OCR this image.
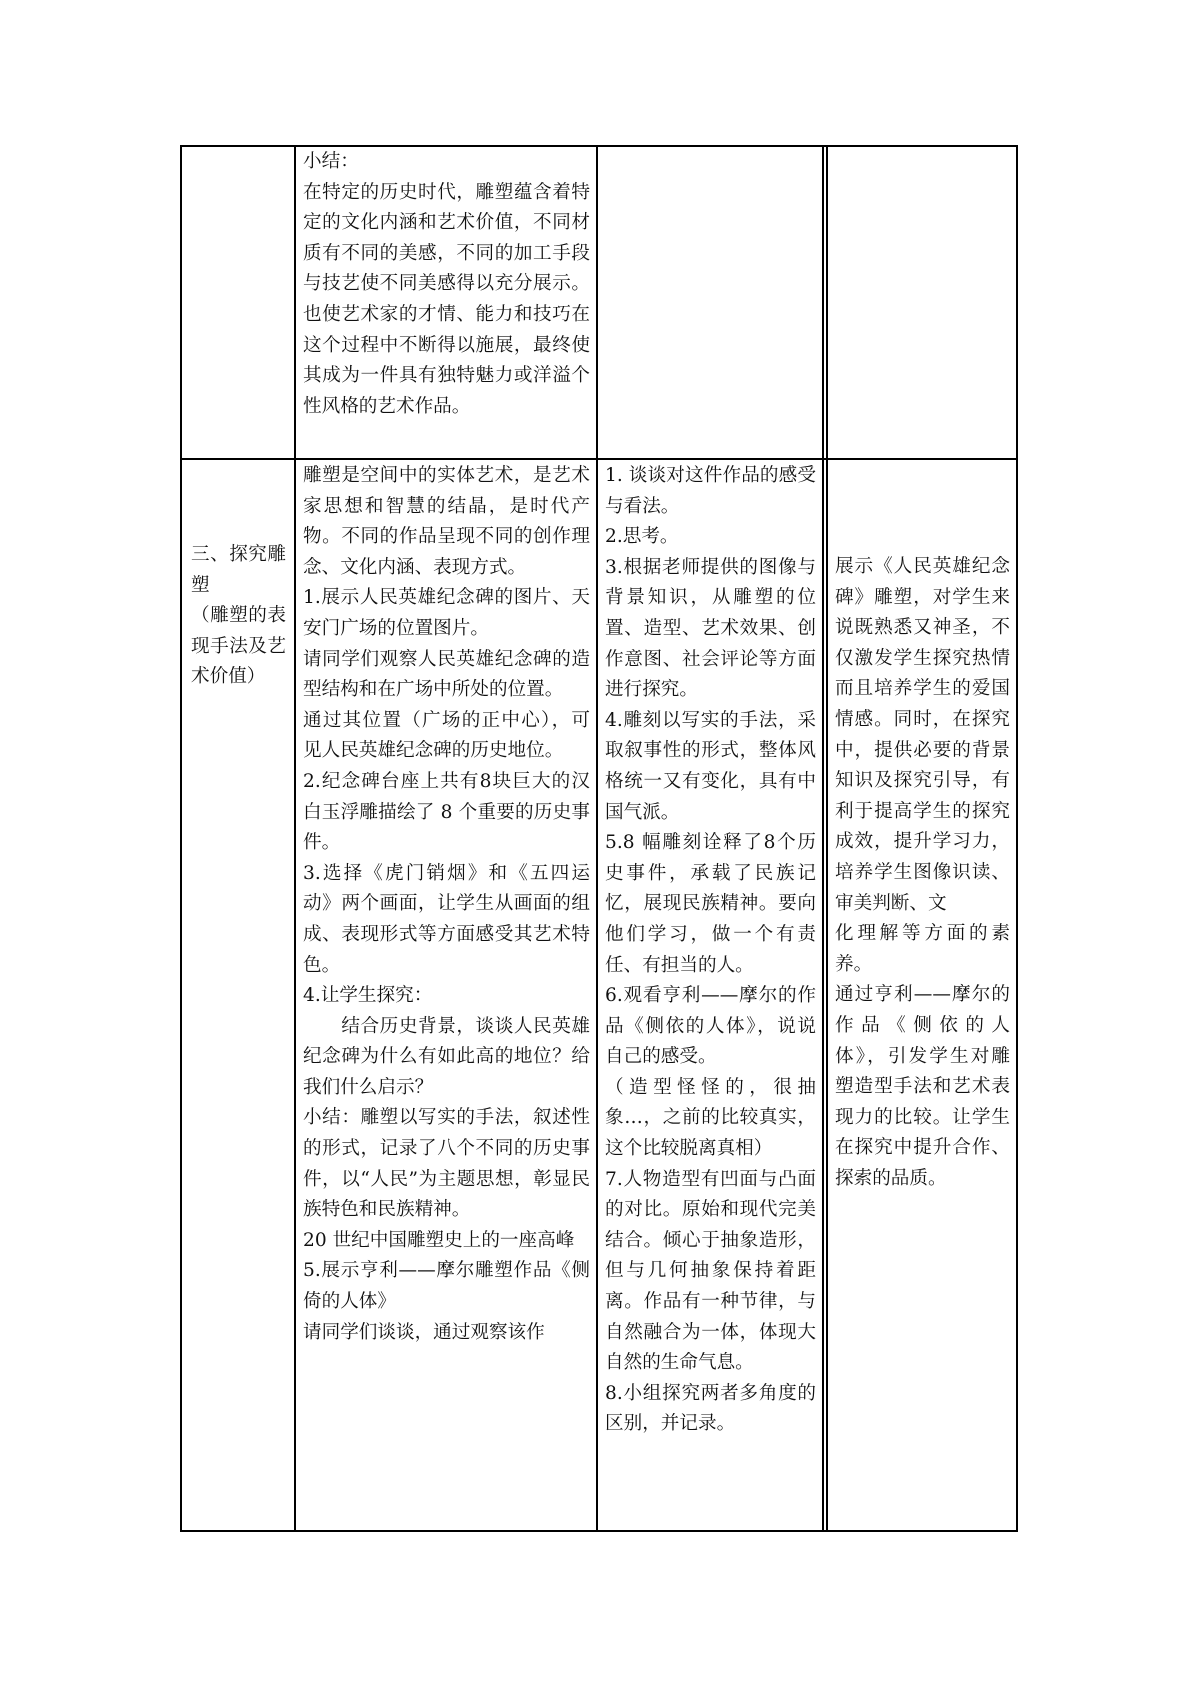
小结：

在特定的历史时代，雕塑蕴含着特定的文化内涵和艺术价值，不同材质有不同的美感，不同的加工手段与技艺使不同美感得以充分展示。也使艺术家的才情、能力和技巧在这个过程中不断得以施展，最终使其成为一件具有独特魅力或洋溢个性风格的艺术作品。

三、探究雕塑

（雕塑的表现手法及艺术价值）

雕塑是空间中的实体艺术，是艺术家思想和智慧的结晶，是时代产物。不同的作品呈现不同的创作理念、文化内涵、表现方式。

1.展示人民英雄纪念碑的图片、天安门广场的位置图片。

请同学们观察人民英雄纪念碑的造型结构和在广场中所处的位置。

通过其位置（广场的正中心），可见人民英雄纪念碑的历史地位。

2.纪念碑台座上共有8块巨大的汉白玉浮雕描绘了 8 个重要的历史事件。

3.选择《虎门销烟》和《五四运动》两个画面，让学生从画面的组成、表现形式等方面感受其艺术特色。

4.让学生探究：

　　结合历史背景，谈谈人民英雄纪念碑为什么有如此高的地位？给我们什么启示？

小结：雕塑以写实的手法，叙述性的形式，记录了八个不同的历史事件，以“人民”为主题思想，彰显民族特色和民族精神。

20 世纪中国雕塑史上的一座高峰

5.展示亨利——摩尔雕塑作品《侧倚的人体》

请同学们谈谈，通过观察该作

1. 谈谈对这件作品的感受与看法。

2.思考。

3.根据老师提供的图像与背景知识，从雕塑的位置、造型、艺术效果、创作意图、社会评论等方面进行探究。

4.雕刻以写实的手法，采取叙事性的形式，整体风格统一又有变化，具有中国气派。

5.8 幅雕刻诠释了8个历史事件，承载了民族记忆，展现民族精神。要向他们学习，做一个有责任、有担当的人。

6.观看亨利——摩尔的作品《侧依的人体》，说说自己的感受。

（造型怪怪的，很抽象…，之前的比较真实，这个比较脱离真相）

7.人物造型有凹面与凸面的对比。原始和现代完美结合。倾心于抽象造形，但与几何抽象保持着距离。作品有一种节律，与自然融合为一体，体现大自然的生命气息。

8.小组探究两者多角度的区别，并记录。

展示《人民英雄纪念碑》雕塑，对学生来说既熟悉又神圣，不仅激发学生探究热情而且培养学生的爱国情感。同时，在探究中，提供必要的背景知识及探究引导，有利于提高学生的探究成效，提升学习力，培养学生图像识读、审美判断、文

化理解等方面的素养。

通过亨利——摩尔的作品《侧依的人体》，引发学生对雕塑造型手法和艺术表现力的比较。让学生在探究中提升合作、探索的品质。
